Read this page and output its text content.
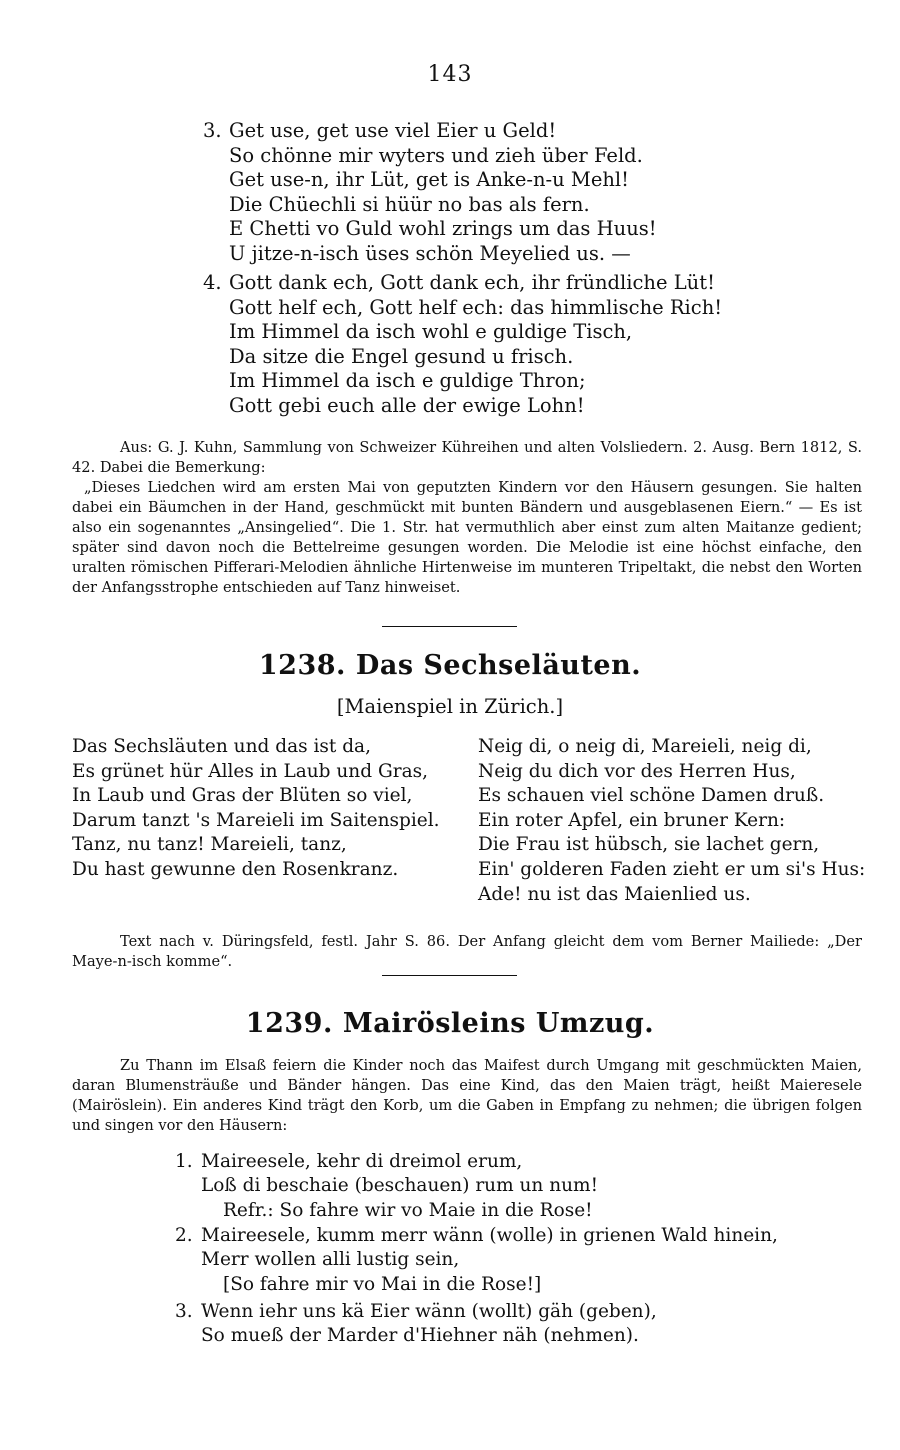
143
3. Get use, get use viel Eier u Geld!
So chönne mir wyters und zieh über Feld.
Get use-n, ihr Lüt, get is Anke-n-u Mehl!
Die Chüechli si hüür no bas als fern.
E Chetti vo Guld wohl zrings um das Huus!
U jitze-n-isch üses schön Meyelied us. —
4. Gott dank ech, Gott dank ech, ihr fründliche Lüt!
Gott helf ech, Gott helf ech: das himmlische Rich!
Im Himmel da isch wohl e guldige Tisch,
Da sitze die Engel gesund u frisch.
Im Himmel da isch e guldige Thron;
Gott gebi euch alle der ewige Lohn!

Aus: G. J. Kuhn, Sammlung von Schweizer Kühreihen und alten Volsliedern. 2. Ausg. Bern 1812, S. 42. Dabei die Bemerkung:

„Dieses Liedchen wird am ersten Mai von geputzten Kindern vor den Häusern gesungen. Sie halten dabei ein Bäumchen in der Hand, geschmückt mit bunten Bändern und ausgeblasenen Eiern.“ — Es ist also ein sogenanntes „Ansingelied“. Die 1. Str. hat vermuthlich aber einst zum alten Maitanze gedient; später sind davon noch die Bettelreime gesungen worden. Die Melodie ist eine höchst einfache, den uralten römischen Pifferari-Melodien ähnliche Hirtenweise im munteren Tripeltakt, die nebst den Worten der Anfangsstrophe entschieden auf Tanz hinweiset.

1238. Das Sechseläuten.
[Maienspiel in Zürich.]
Das Sechsläuten und das ist da,
Es grünet hür Alles in Laub und Gras,
In Laub und Gras der Blüten so viel,
Darum tanzt 's Mareieli im Saitenspiel.
Tanz, nu tanz! Mareieli, tanz,
Du hast gewunne den Rosenkranz.
Neig di, o neig di, Mareieli, neig di,
Neig du dich vor des Herren Hus,
Es schauen viel schöne Damen druß.
Ein roter Apfel, ein bruner Kern:
Die Frau ist hübsch, sie lachet gern,
Ein' golderen Faden zieht er um si's Hus:
Ade! nu ist das Maienlied us.
Text nach v. Düringsfeld, festl. Jahr S. 86. Der Anfang gleicht dem vom Berner Mailiede: „Der Maye-n-isch komme“.
1239. Mairösleins Umzug.
Zu Thann im Elsaß feiern die Kinder noch das Maifest durch Umgang mit geschmückten Maien, daran Blumensträuße und Bänder hängen. Das eine Kind, das den Maien trägt, heißt Maieresele (Mairöslein). Ein anderes Kind trägt den Korb, um die Gaben in Empfang zu nehmen; die übrigen folgen und singen vor den Häusern:
1. Maireesele, kehr di dreimol erum,
Loß di beschaie (beschauen) rum un num!
Refr.: So fahre wir vo Maie in die Rose!
2. Maireesele, kumm merr wänn (wolle) in grienen Wald hinein,
Merr wollen alli lustig sein,
[So fahre mir vo Mai in die Rose!]
3. Wenn iehr uns kä Eier wänn (wollt) gäh (geben),
So mueß der Marder d'Hiehner näh (nehmen).
